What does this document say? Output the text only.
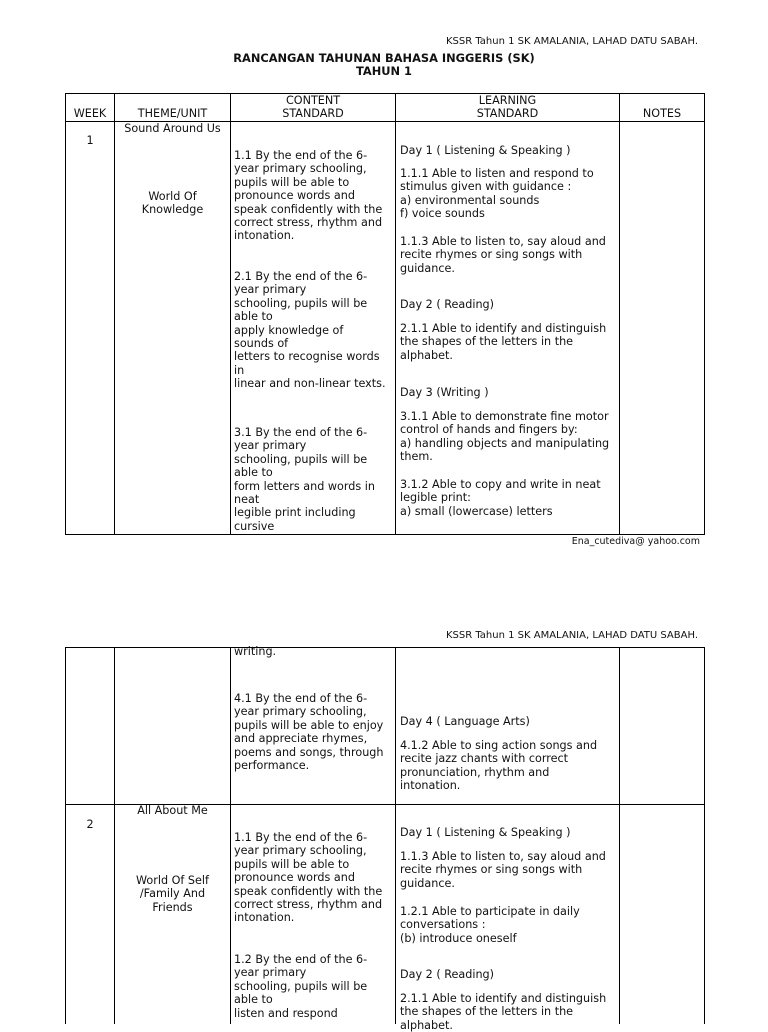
KSSR Tahun 1 SK AMALANIA, LAHAD DATU SABAH.
RANCANGAN TAHUNAN BAHASA INGGERIS (SK)
TAHUN 1
WEEK	THEME/UNIT
CONTENT
STANDARD
LEARNING
STANDARD	NOTES
1
Sound Around Us
World Of
Knowledge
1.1 By the end of the 6-
year primary schooling,
pupils will be able to
pronounce words and
speak confidently with the
correct stress, rhythm and
intonation.
2.1 By the end of the 6-
year primary
schooling, pupils will be
able to
apply knowledge of
sounds of
letters to recognise words
in
linear and non-linear texts.
3.1 By the end of the 6-
year primary
schooling, pupils will be
able to
form letters and words in
neat
legible print including
cursive
Day 1 ( Listening & Speaking )
1.1.1 Able to listen and respond to
stimulus given with guidance :
a) environmental sounds
f) voice sounds
1.1.3 Able to listen to, say aloud and
recite rhymes or sing songs with
guidance.
Day 2 ( Reading)
2.1.1 Able to identify and distinguish
the shapes of the letters in the
alphabet.
Day 3 (Writing )
3.1.1 Able to demonstrate fine motor
control of hands and fingers by:
a) handling objects and manipulating
them.
3.1.2 Able to copy and write in neat
legible print:
a) small (lowercase) letters
Ena_cutediva@ yahoo.com
KSSR Tahun 1 SK AMALANIA, LAHAD DATU SABAH.
writing.
4.1 By the end of the 6-
year primary schooling,
pupils will be able to enjoy
and appreciate rhymes,
poems and songs, through
performance.
Day 4 ( Language Arts)
4.1.2 Able to sing action songs and
recite jazz chants with correct
pronunciation, rhythm and
intonation.
2
All About Me
World Of Self
/Family And
Friends
1.1 By the end of the 6-
year primary schooling,
pupils will be able to
pronounce words and
speak confidently with the
correct stress, rhythm and
intonation.
1.2 By the end of the 6-
year primary
schooling, pupils will be
able to
listen and respond
Day 1 ( Listening & Speaking )
1.1.3 Able to listen to, say aloud and
recite rhymes or sing songs with
guidance.
1.2.1 Able to participate in daily
conversations :
(b) introduce oneself
Day 2 ( Reading)
2.1.1 Able to identify and distinguish
the shapes of the letters in the
alphabet.
